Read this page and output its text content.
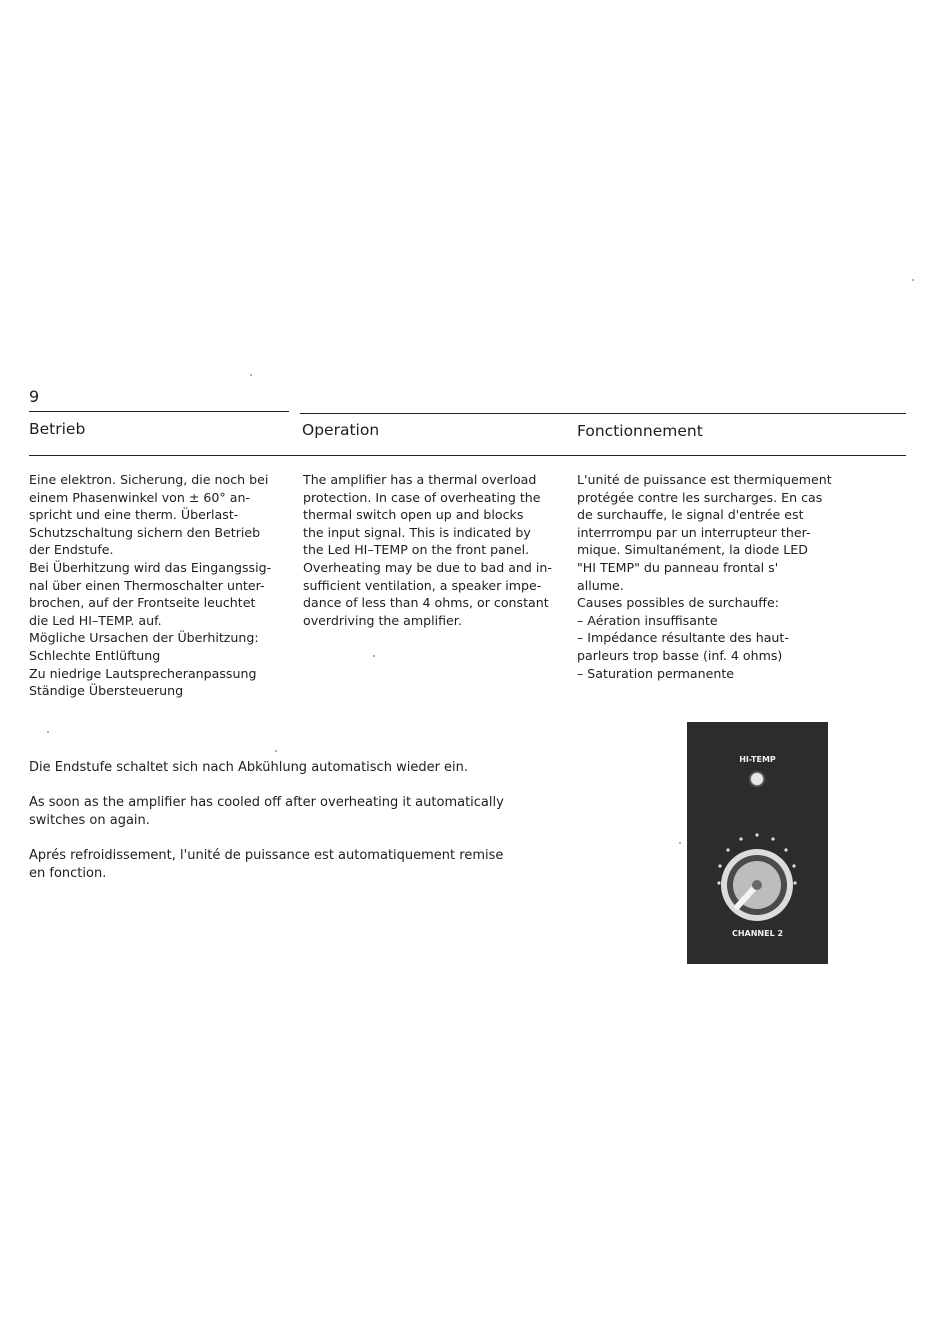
9
Betrieb	Operation	Fonctionnement
Eine elektron. Sicherung, die noch bei
einem Phasenwinkel von ± 60° an-
spricht und eine therm. Überlast-
Schutzschaltung sichern den Betrieb
der Endstufe.
Bei Überhitzung wird das Eingangssig-
nal über einen Thermoschalter unter-
brochen, auf der Frontseite leuchtet
die Led HI–TEMP. auf.
Mögliche Ursachen der Überhitzung:
Schlechte Entlüftung
Zu niedrige Lautsprecheranpassung
Ständige Übersteuerung
The amplifier has a thermal overload
protection. In case of overheating the
thermal switch open up and blocks
the input signal. This is indicated by
the Led HI–TEMP on the front panel.
Overheating may be due to bad and in-
sufficient ventilation, a speaker impe-
dance of less than 4 ohms, or constant
overdriving the amplifier.
L'unité de puissance est thermiquement
protégée contre les surcharges. En cas
de surchauffe, le signal d'entrée est
interrrompu par un interrupteur ther-
mique. Simultanément, la diode LED
"HI TEMP" du panneau frontal s'
allume.
Causes possibles de surchauffe:
– Aération insuffisante
– Impédance résultante des haut-
parleurs trop basse (inf. 4 ohms)
– Saturation permanente
Die Endstufe schaltet sich nach Abkühlung automatisch wieder ein.
As soon as the amplifier has cooled off after overheating it automatically
switches on again.
Aprés refroidissement, l'unité de puissance est automatiquement remise
en fonction.
HI-TEMP
CHANNEL 2
